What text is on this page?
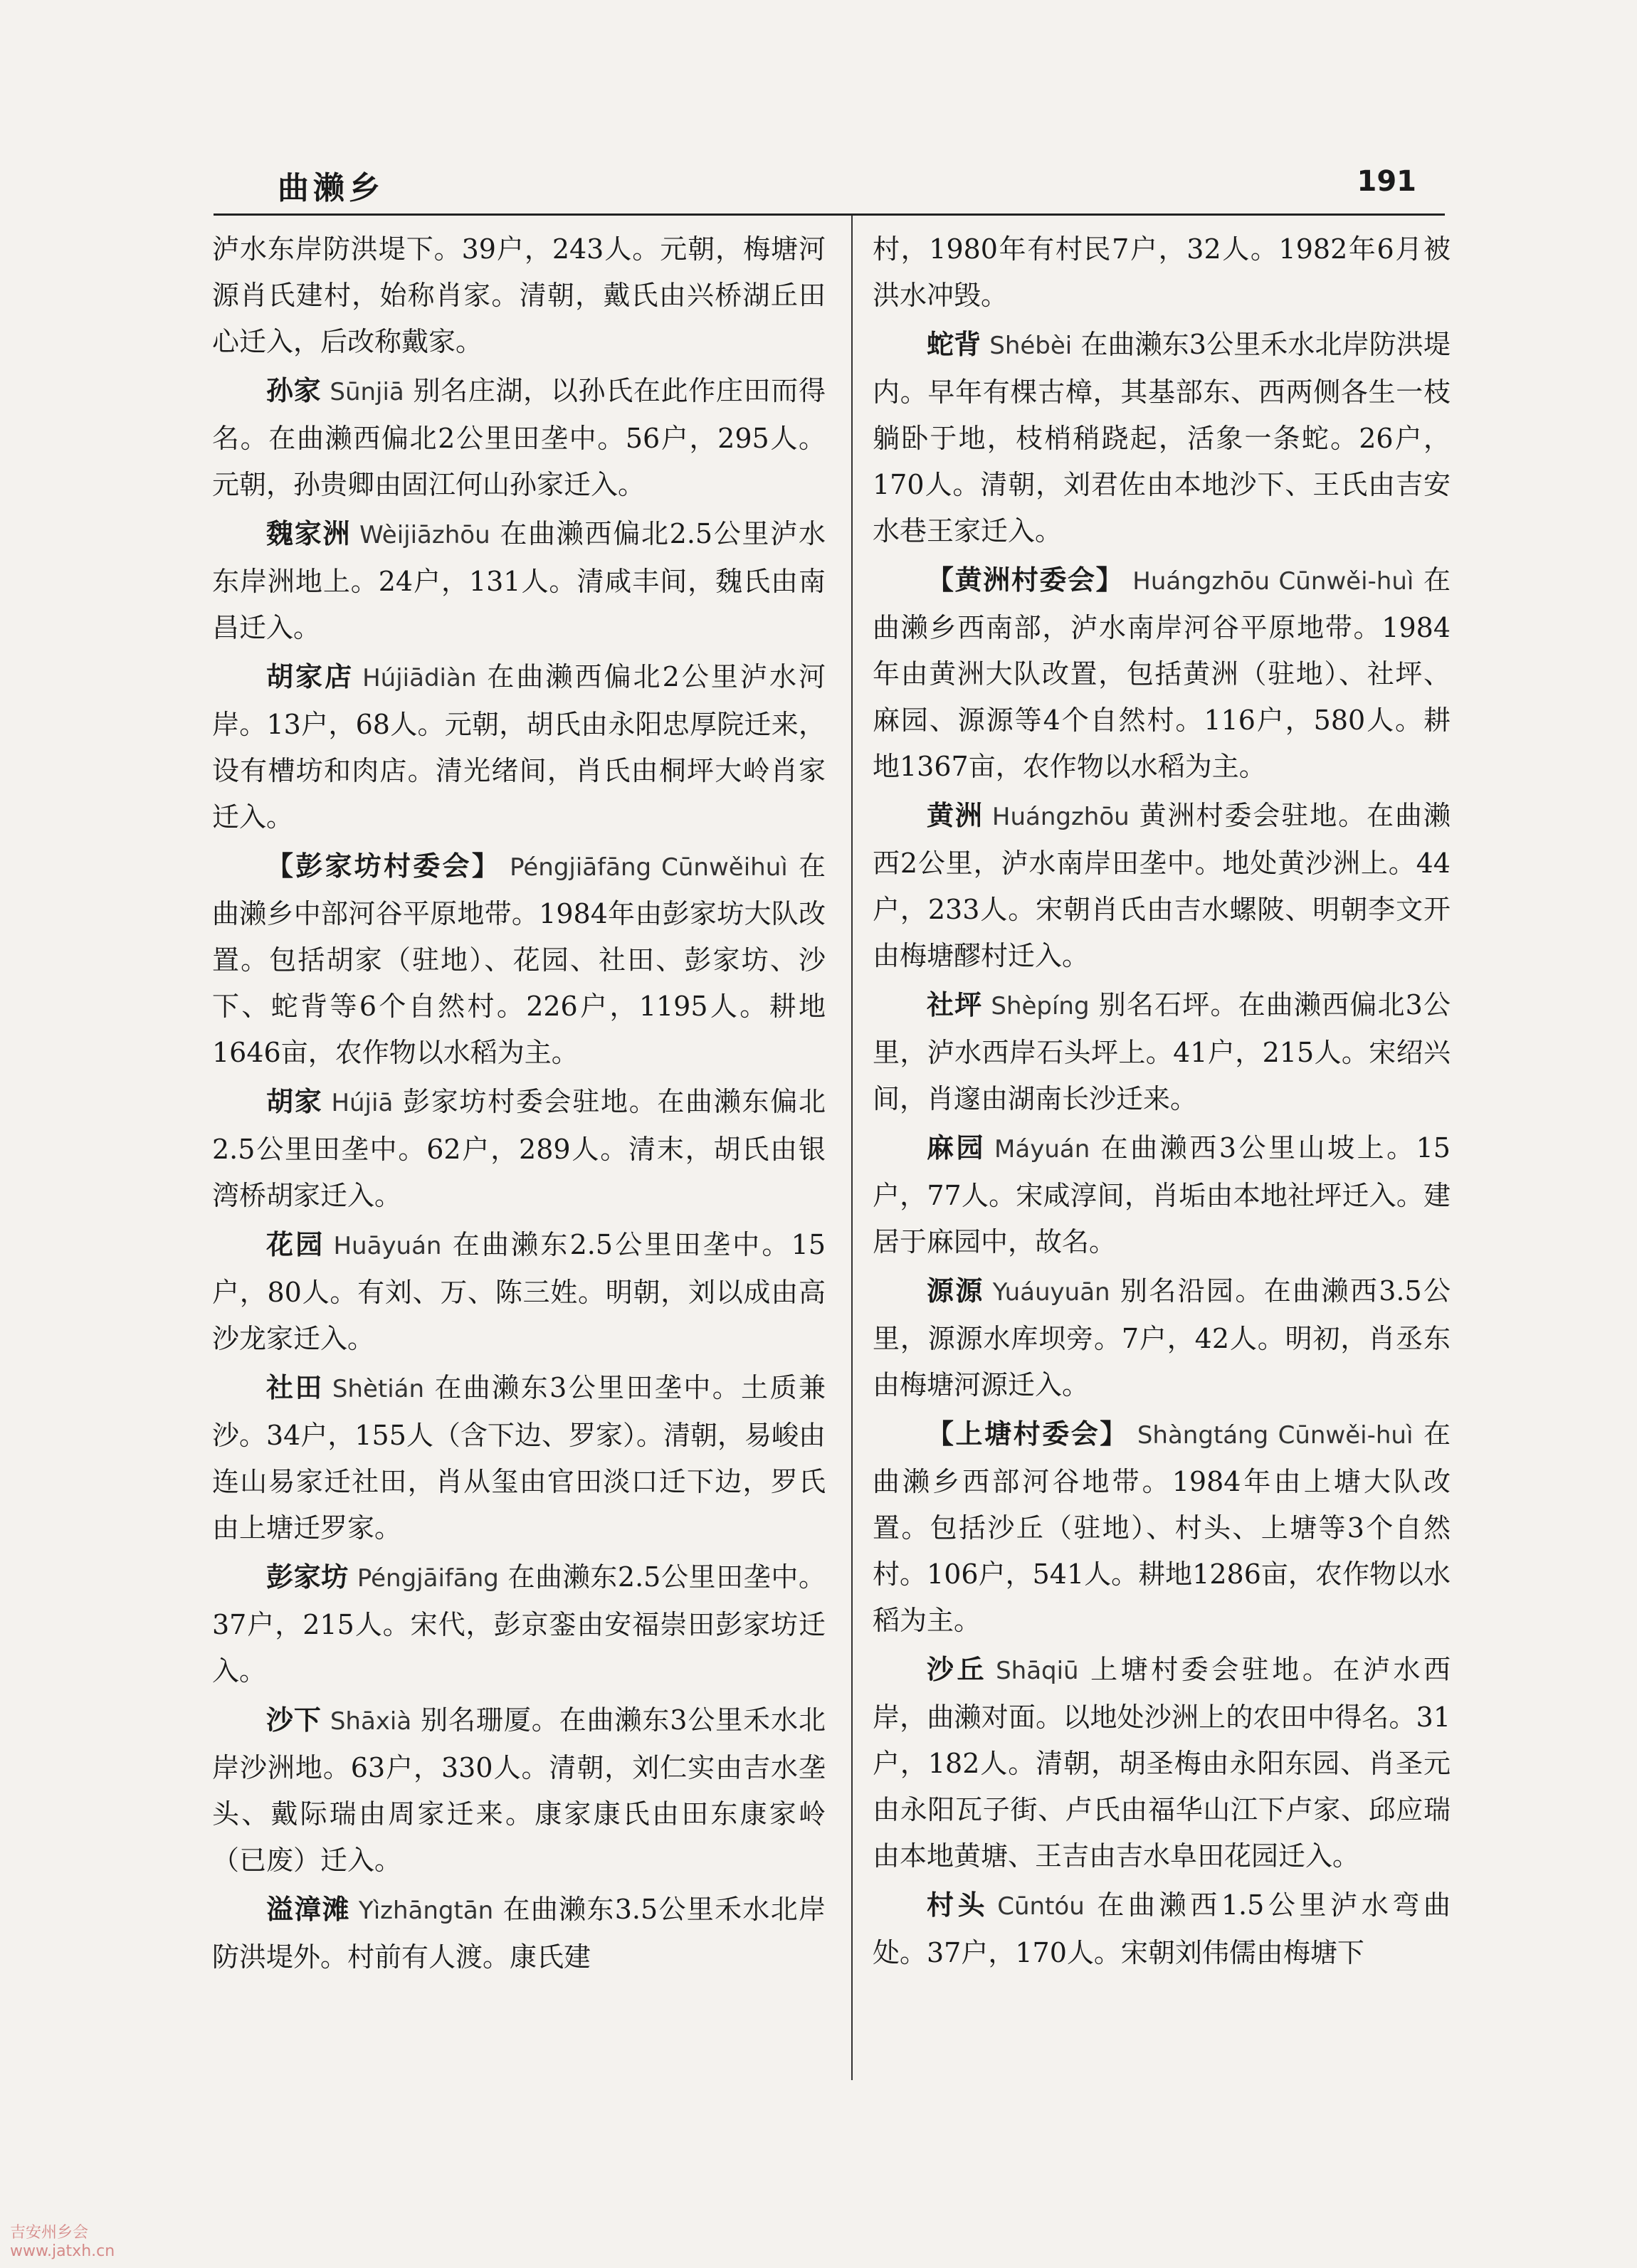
曲濑乡	191

泸水东岸防洪堤下。39户，243人。元朝，梅塘河源肖氏建村，始称肖家。清朝，戴氏由兴桥湖丘田心迁入，后改称戴家。

孙家 Sūnjiā 别名庄湖，以孙氏在此作庄田而得名。在曲濑西偏北2公里田垄中。56户，295人。元朝，孙贵卿由固江何山孙家迁入。

魏家洲 Wèijiāzhōu 在曲濑西偏北2.5公里泸水东岸洲地上。24户，131人。清咸丰间，魏氏由南昌迁入。

胡家店 Hújiādiàn 在曲濑西偏北2公里泸水河岸。13户，68人。元朝，胡氏由永阳忠厚院迁来，设有槽坊和肉店。清光绪间，肖氏由桐坪大岭肖家迁入。

【彭家坊村委会】 Péngjiāfāng Cūnwěihuì 在曲濑乡中部河谷平原地带。1984年由彭家坊大队改置。包括胡家（驻地）、花园、社田、彭家坊、沙下、蛇背等6个自然村。226户，1195人。耕地1646亩，农作物以水稻为主。

胡家 Hújiā 彭家坊村委会驻地。在曲濑东偏北2.5公里田垄中。62户，289人。清末，胡氏由银湾桥胡家迁入。

花园 Huāyuán 在曲濑东2.5公里田垄中。15户，80人。有刘、万、陈三姓。明朝，刘以成由高沙龙家迁入。

社田 Shètián 在曲濑东3公里田垄中。土质兼沙。34户，155人（含下边、罗家）。清朝，易峻由连山易家迁社田，肖从玺由官田淡口迁下边，罗氏由上塘迁罗家。

彭家坊 Péngjāifāng 在曲濑东2.5公里田垄中。37户，215人。宋代，彭京銮由安福崇田彭家坊迁入。

沙下 Shāxià 别名珊厦。在曲濑东3公里禾水北岸沙洲地。63户，330人。清朝，刘仁实由吉水垄头、戴际瑞由周家迁来。康家康氏由田东康家岭（已废）迁入。

溢漳滩 Yìzhāngtān 在曲濑东3.5公里禾水北岸防洪堤外。村前有人渡。康氏建

村，1980年有村民7户，32人。1982年6月被洪水冲毁。

蛇背 Shébèi 在曲濑东3公里禾水北岸防洪堤内。早年有棵古樟，其基部东、西两侧各生一枝躺卧于地，枝梢稍跷起，活象一条蛇。26户，170人。清朝，刘君佐由本地沙下、王氏由吉安水巷王家迁入。

【黄洲村委会】 Huángzhōu Cūnwěi-huì 在曲濑乡西南部，泸水南岸河谷平原地带。1984年由黄洲大队改置，包括黄洲（驻地）、社坪、麻园、源源等4个自然村。116户，580人。耕地1367亩，农作物以水稻为主。

黄洲 Huángzhōu 黄洲村委会驻地。在曲濑西2公里，泸水南岸田垄中。地处黄沙洲上。44户，233人。宋朝肖氏由吉水螺陂、明朝李文开由梅塘醪村迁入。

社坪 Shèpíng 别名石坪。在曲濑西偏北3公里，泸水西岸石头坪上。41户，215人。宋绍兴间，肖邃由湖南长沙迁来。

麻园 Máyuán 在曲濑西3公里山坡上。15户，77人。宋咸淳间，肖垢由本地社坪迁入。建居于麻园中，故名。

源源 Yuáuyuān 别名沿园。在曲濑西3.5公里，源源水库坝旁。7户，42人。明初，肖丞东由梅塘河源迁入。

【上塘村委会】 Shàngtáng Cūnwěi-huì 在曲濑乡西部河谷地带。1984年由上塘大队改置。包括沙丘（驻地）、村头、上塘等3个自然村。106户，541人。耕地1286亩，农作物以水稻为主。

沙丘 Shāqiū 上塘村委会驻地。在泸水西岸，曲濑对面。以地处沙洲上的农田中得名。31户，182人。清朝，胡圣梅由永阳东园、肖圣元由永阳瓦子街、卢氏由福华山江下卢家、邱应瑞由本地黄塘、王吉由吉水阜田花园迁入。

村头 Cūntóu 在曲濑西1.5公里泸水弯曲处。37户，170人。宋朝刘伟儒由梅塘下

吉安州乡会
www.jatxh.cn
